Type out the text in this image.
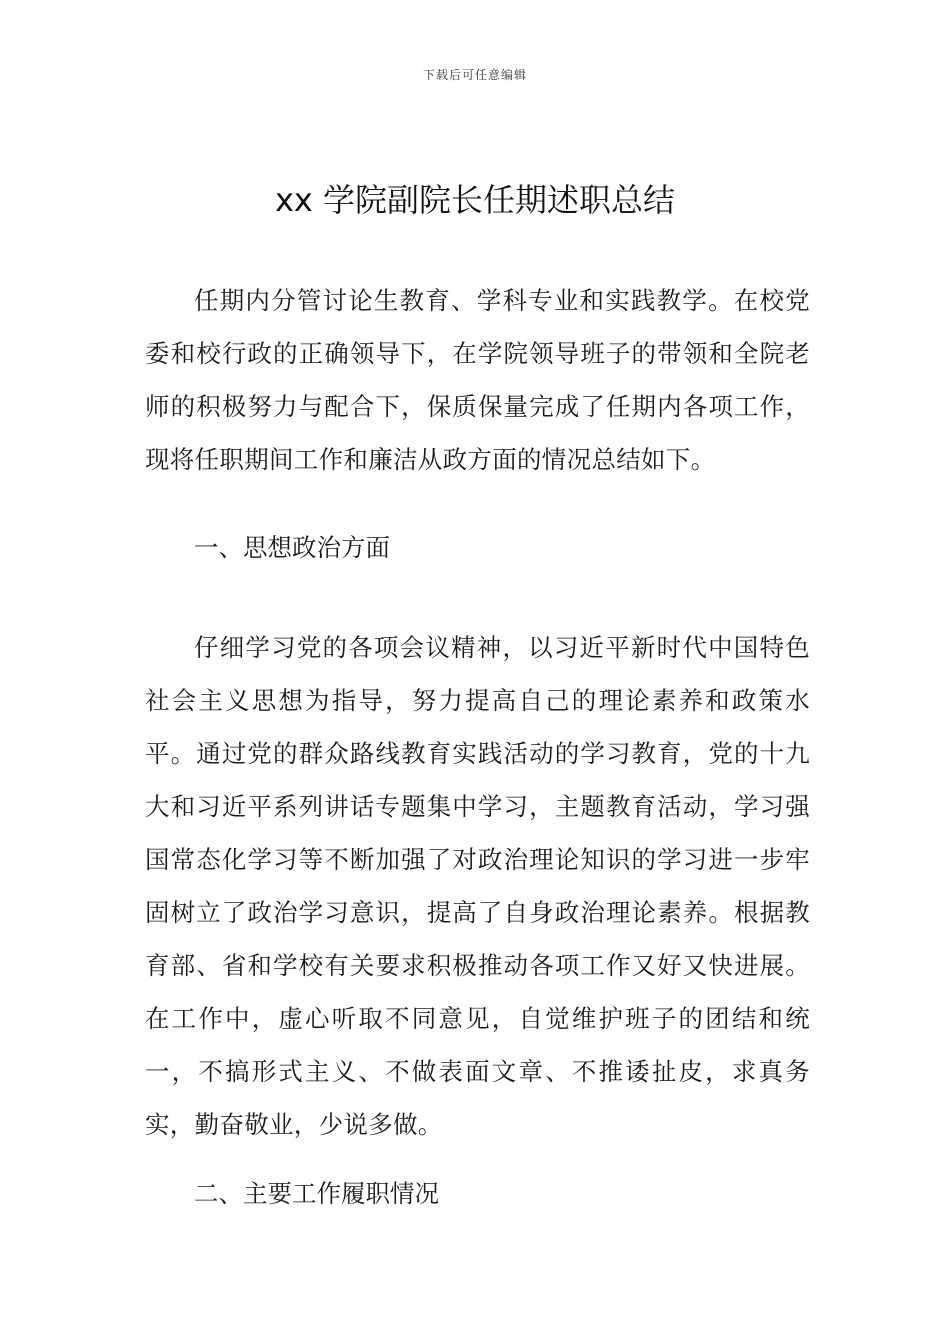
下载后可任意编辑
xx 学院副院长任期述职总结

任期内分管讨论生教育、学科专业和实践教学。在校党委和校行政的正确领导下，在学院领导班子的带领和全院老师的积极努力与配合下，保质保量完成了任期内各项工作，现将任职期间工作和廉洁从政方面的情况总结如下。

一、思想政治方面

仔细学习党的各项会议精神，以习近平新时代中国特色社会主义思想为指导，努力提高自己的理论素养和政策水平。通过党的群众路线教育实践活动的学习教育，党的十九大和习近平系列讲话专题集中学习，主题教育活动，学习强国常态化学习等不断加强了对政治理论知识的学习进一步牢固树立了政治学习意识，提高了自身政治理论素养。根据教育部、省和学校有关要求积极推动各项工作又好又快进展。在工作中，虚心听取不同意见，自觉维护班子的团结和统一，不搞形式主义、不做表面文章、不推诿扯皮，求真务实，勤奋敬业，少说多做。

二、主要工作履职情况
